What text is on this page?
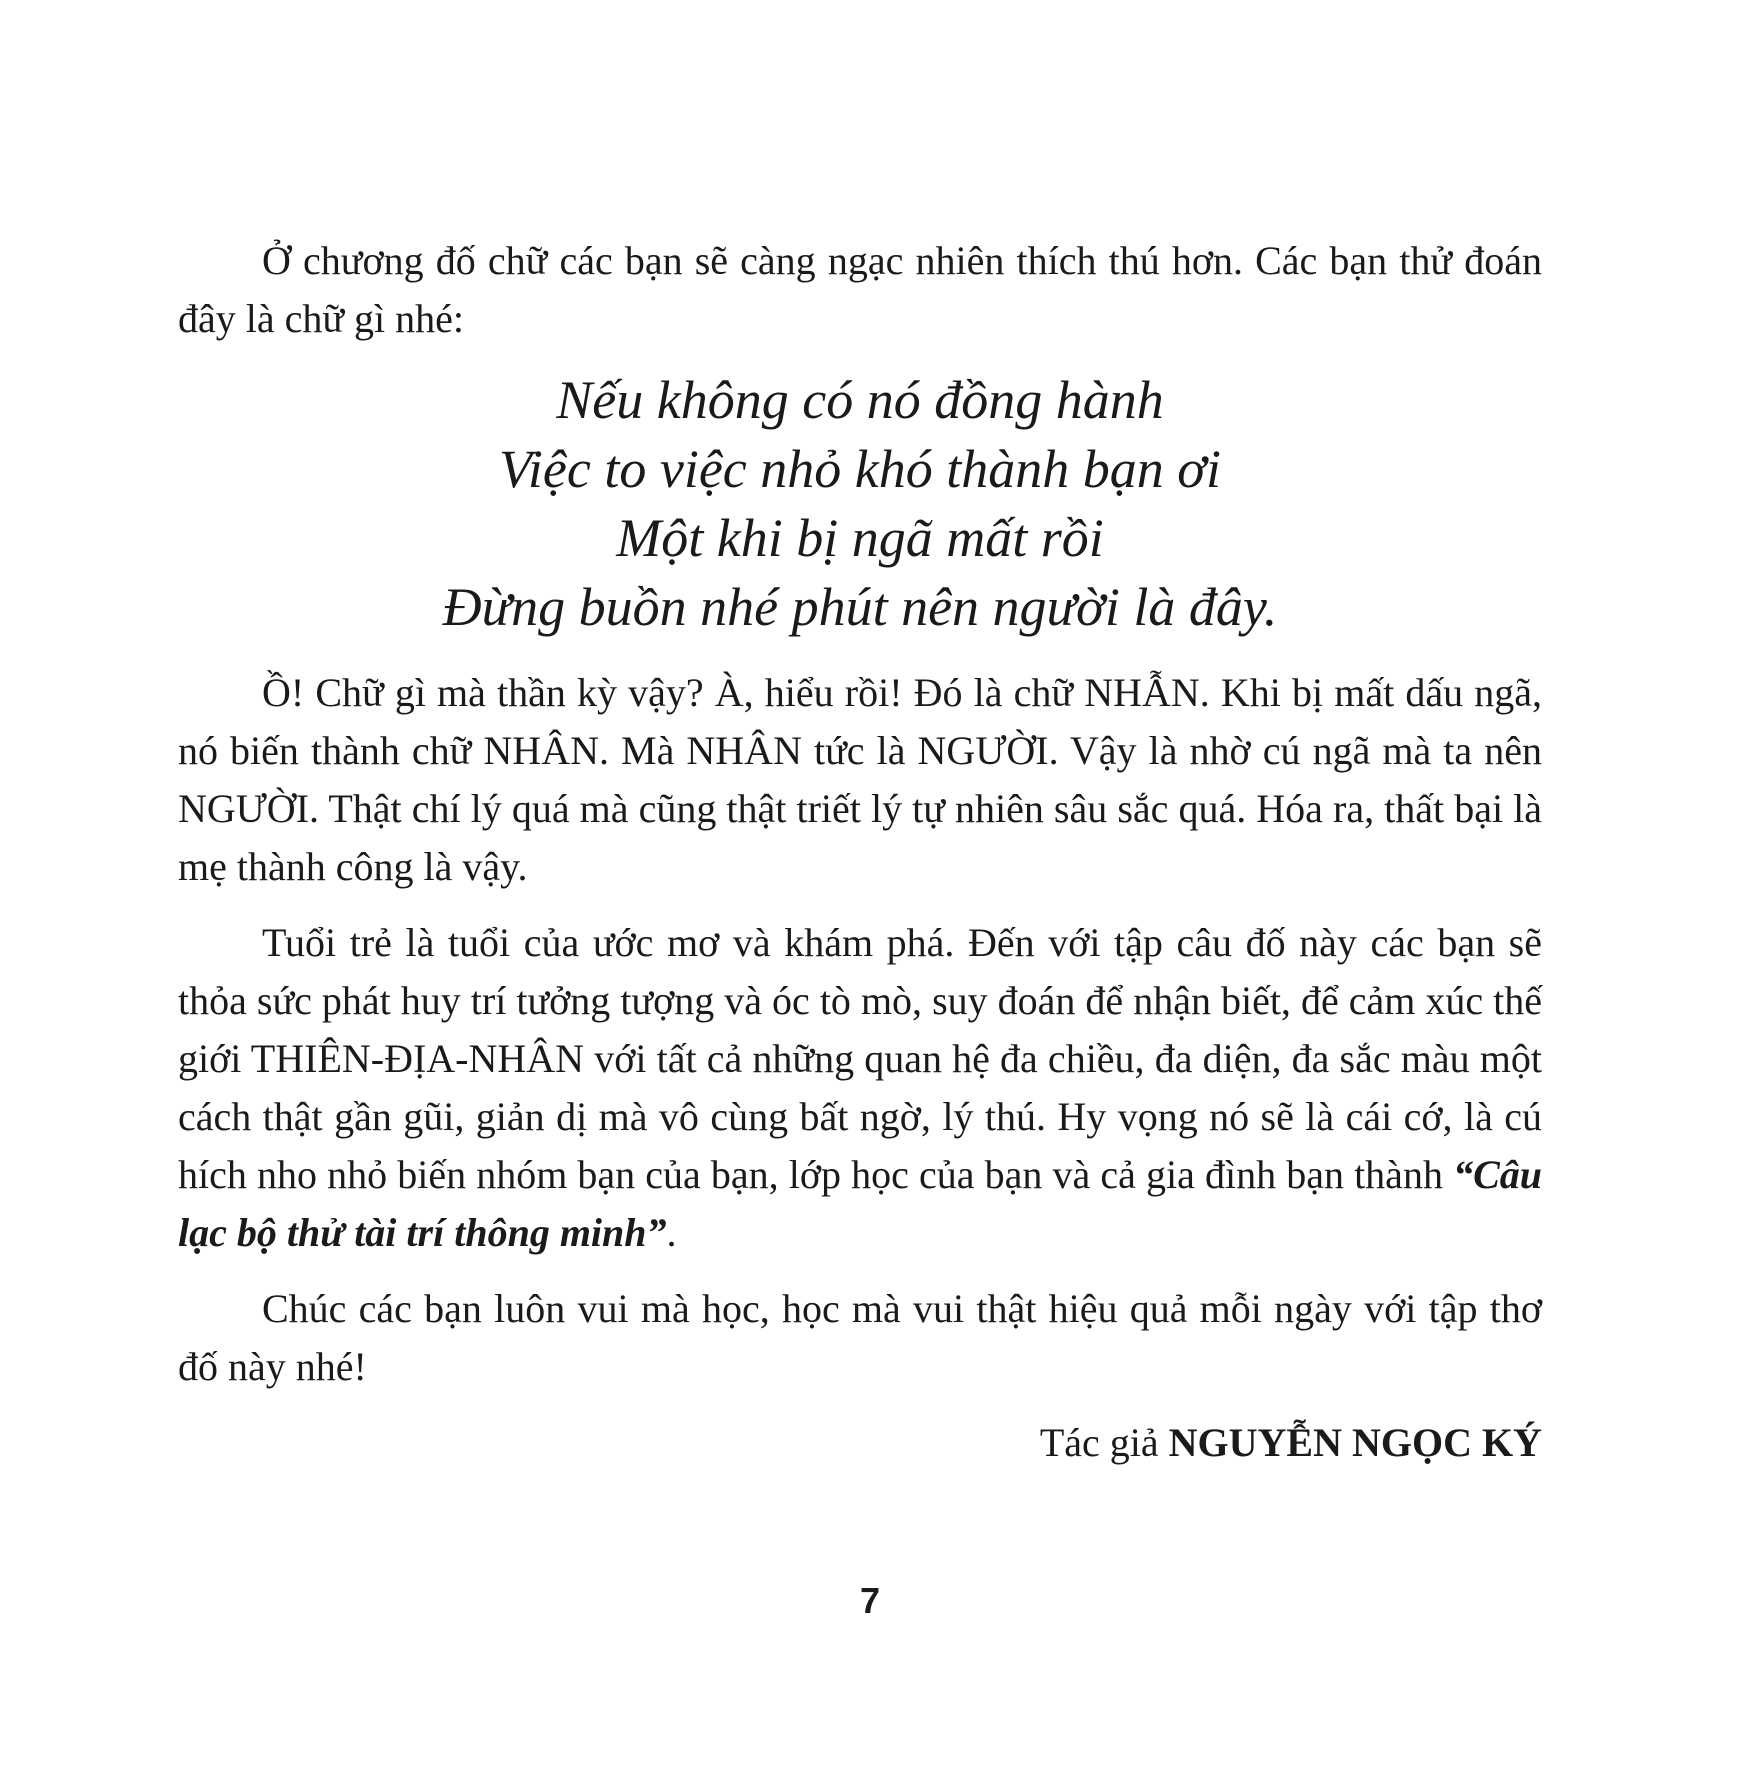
Ở chương đố chữ các bạn sẽ càng ngạc nhiên thích thú hơn. Các bạn thử đoán đây là chữ gì nhé:

Nếu không có nó đồng hành
Việc to việc nhỏ khó thành bạn ơi
Một khi bị ngã mất rồi
Đừng buồn nhé phút nên người là đây.

Ồ! Chữ gì mà thần kỳ vậy? À, hiểu rồi! Đó là chữ NHẪN. Khi bị mất dấu ngã, nó biến thành chữ NHÂN. Mà NHÂN tức là NGƯỜI. Vậy là nhờ cú ngã mà ta nên NGƯỜI. Thật chí lý quá mà cũng thật triết lý tự nhiên sâu sắc quá. Hóa ra, thất bại là mẹ thành công là vậy.

Tuổi trẻ là tuổi của ước mơ và khám phá. Đến với tập câu đố này các bạn sẽ thỏa sức phát huy trí tưởng tượng và óc tò mò, suy đoán để nhận biết, để cảm xúc thế giới THIÊN-ĐỊA-NHÂN với tất cả những quan hệ đa chiều, đa diện, đa sắc màu một cách thật gần gũi, giản dị mà vô cùng bất ngờ, lý thú. Hy vọng nó sẽ là cái cớ, là cú hích nho nhỏ biến nhóm bạn của bạn, lớp học của bạn và cả gia đình bạn thành “Câu lạc bộ thử tài trí thông minh”.

Chúc các bạn luôn vui mà học, học mà vui thật hiệu quả mỗi ngày với tập thơ đố này nhé!

Tác giả NGUYỄN NGỌC KÝ

7
